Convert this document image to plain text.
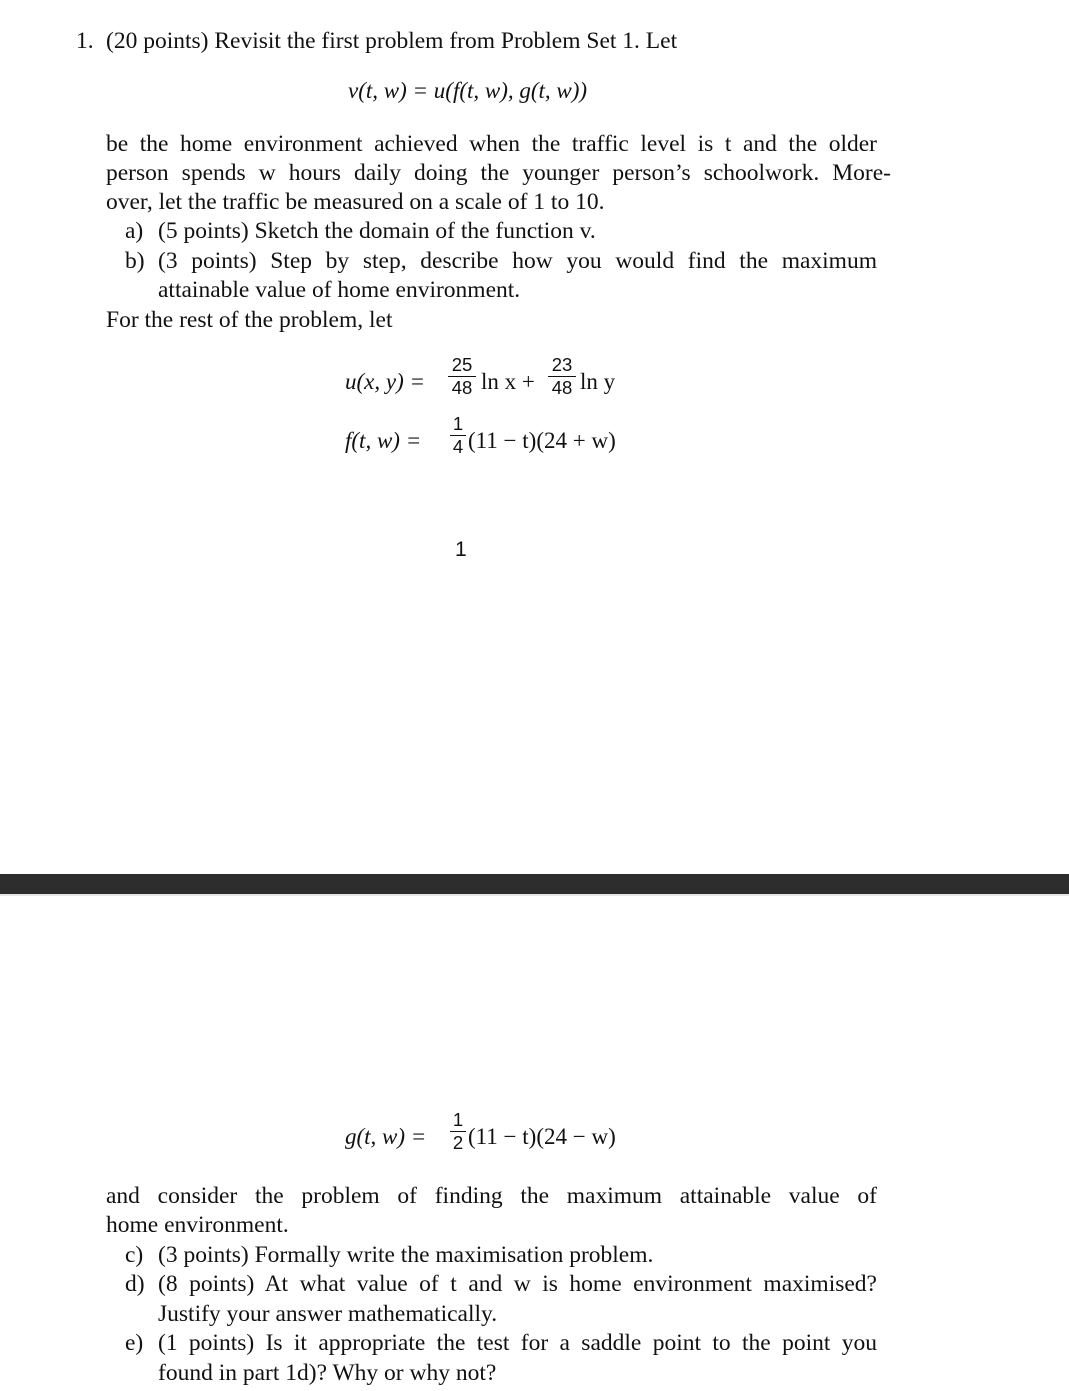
1. (20 points) Revisit the first problem from Problem Set 1. Let
v(t, w) = u(f(t, w), g(t, w))
be the home environment achieved when the traffic level is t and the older
person spends w hours daily doing the younger person’s schoolwork. More-
over, let the traffic be measured on a scale of 1 to 10.
a) (5 points) Sketch the domain of the function v.
b) (3 points) Step by step, describe how you would find the maximum
attainable value of home environment.
For the rest of the problem, let
u(x, y) =
25
48 ln x +
23
48 ln y
f(t, w) =
1
4 (11 − t)(24 + w)
1
g(t, w) =
1
2 (11 − t)(24 − w)
and consider the problem of finding the maximum attainable value of
home environment.
c) (3 points) Formally write the maximisation problem.
d) (8 points) At what value of t and w is home environment maximised?
Justify your answer mathematically.
e) (1 points) Is it appropriate the test for a saddle point to the point you
found in part 1d)? Why or why not?
